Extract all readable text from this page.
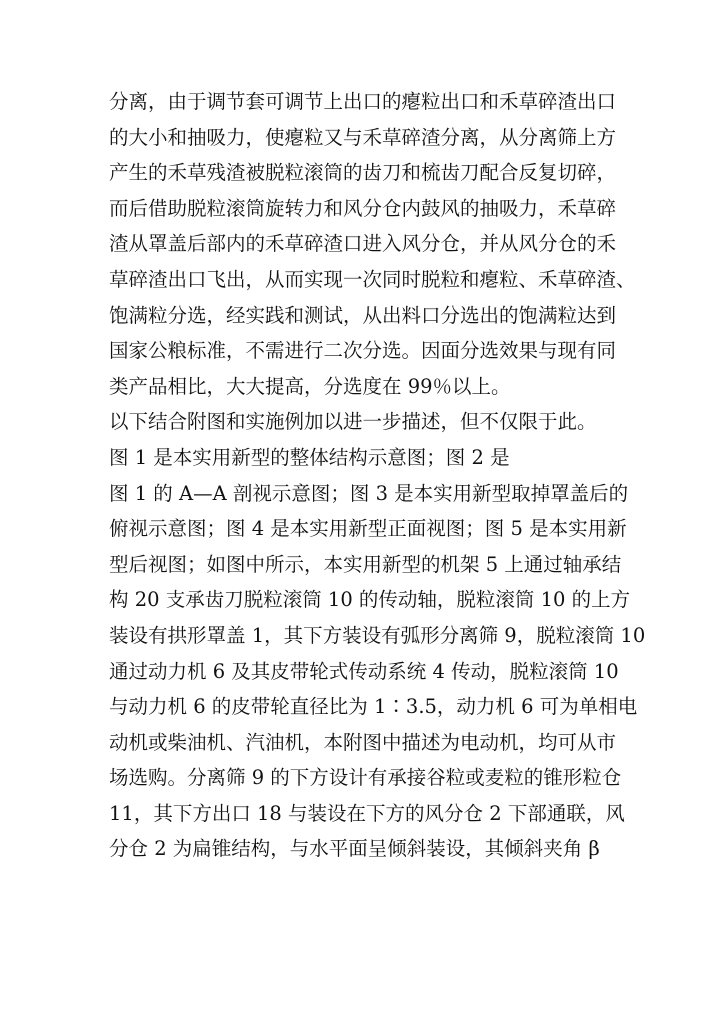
分离，由于调节套可调节上出口的瘪粒出口和禾草碎渣出口
的大小和抽吸力，使瘪粒又与禾草碎渣分离，从分离筛上方
产生的禾草残渣被脱粒滚筒的齿刀和梳齿刀配合反复切碎，
而后借助脱粒滚筒旋转力和风分仓内鼓风的抽吸力，禾草碎
渣从罩盖后部内的禾草碎渣口进入风分仓，并从风分仓的禾
草碎渣出口飞出，从而实现一次同时脱粒和瘪粒、禾草碎渣、
饱满粒分选，经实践和测试，从出料口分选出的饱满粒达到
国家公粮标准，不需进行二次分选。因面分选效果与现有同
类产品相比，大大提高，分选度在 99％以上。
以下结合附图和实施例加以进一步描述，但不仅限于此。
图 1 是本实用新型的整体结构示意图；图 2 是
图 1 的 A—A 剖视示意图；图 3 是本实用新型取掉罩盖后的
俯视示意图；图 4 是本实用新型正面视图；图 5 是本实用新
型后视图；如图中所示，本实用新型的机架 5 上通过轴承结
构 20 支承齿刀脱粒滚筒 10 的传动轴，脱粒滚筒 10 的上方
装设有拱形罩盖 1，其下方装设有弧形分离筛 9，脱粒滚筒 10
通过动力机 6 及其皮带轮式传动系统 4 传动，脱粒滚筒 10
与动力机 6 的皮带轮直径比为 1∶3.5，动力机 6 可为单相电
动机或柴油机、汽油机，本附图中描述为电动机，均可从市
场选购。分离筛 9 的下方设计有承接谷粒或麦粒的锥形粒仓
11，其下方出口 18 与装设在下方的风分仓 2 下部通联，风
分仓 2 为扁锥结构，与水平面呈倾斜装设，其倾斜夹角 β
